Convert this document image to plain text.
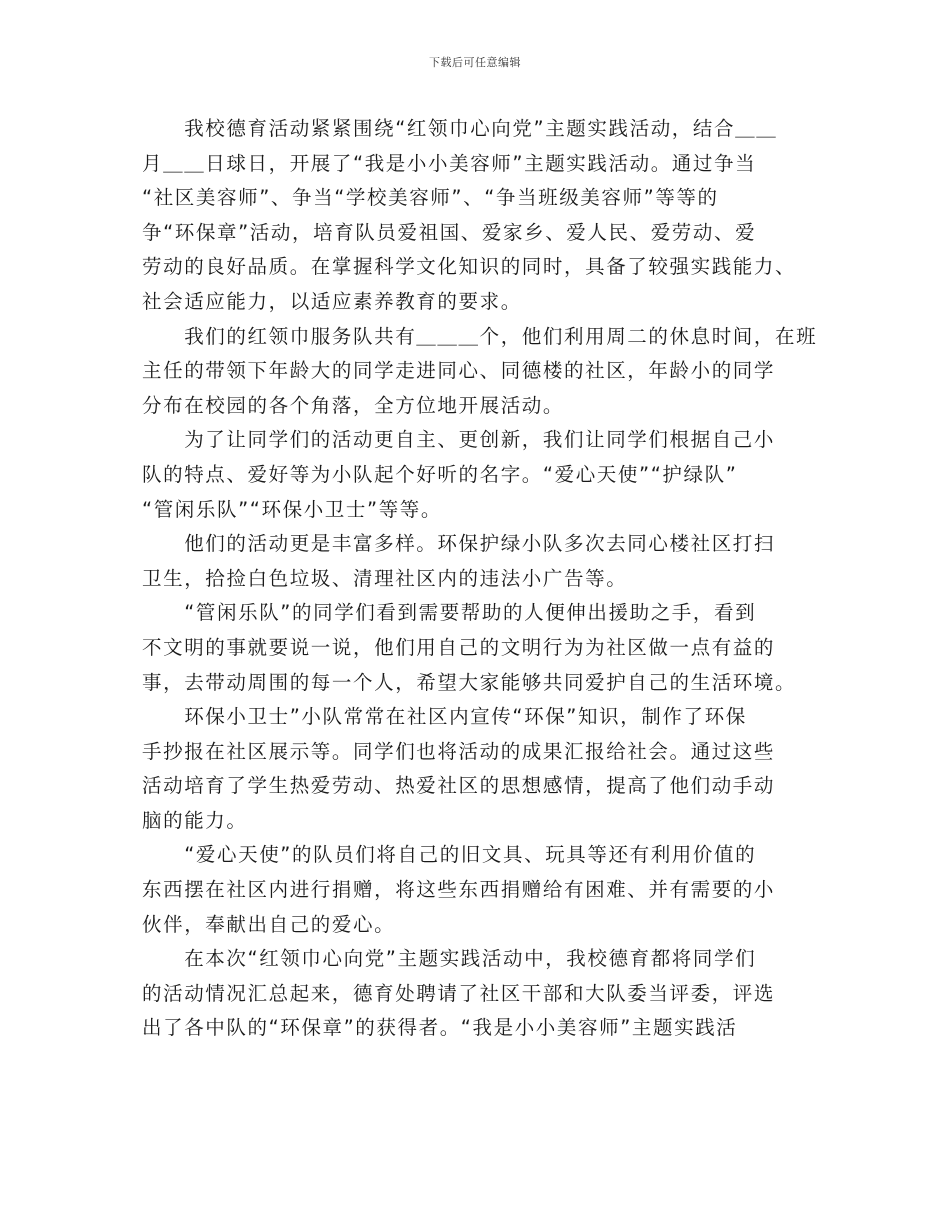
下载后可任意编辑
　　我校德育活动紧紧围绕“红领巾心向党”主题实践活动，结合＿＿
月＿＿日球日，开展了“我是小小美容师”主题实践活动。通过争当
“社区美容师”、争当“学校美容师”、“争当班级美容师”等等的
争“环保章”活动，培育队员爱祖国、爱家乡、爱人民、爱劳动、爱
劳动的良好品质。在掌握科学文化知识的同时，具备了较强实践能力、
社会适应能力，以适应素养教育的要求。
　　我们的红领巾服务队共有＿＿＿个，他们利用周二的休息时间，在班
主任的带领下年龄大的同学走进同心、同德楼的社区，年龄小的同学
分布在校园的各个角落，全方位地开展活动。
　　为了让同学们的活动更自主、更创新，我们让同学们根据自己小
队的特点、爱好等为小队起个好听的名字。“爱心天使”“护绿队”
“管闲乐队”“环保小卫士”等等。
　　他们的活动更是丰富多样。环保护绿小队多次去同心楼社区打扫
卫生，拾捡白色垃圾、清理社区内的违法小广告等。
　　“管闲乐队”的同学们看到需要帮助的人便伸出援助之手，看到
不文明的事就要说一说，他们用自己的文明行为为社区做一点有益的
事，去带动周围的每一个人，希望大家能够共同爱护自己的生活环境。
　　环保小卫士”小队常常在社区内宣传“环保”知识，制作了环保
手抄报在社区展示等。同学们也将活动的成果汇报给社会。通过这些
活动培育了学生热爱劳动、热爱社区的思想感情，提高了他们动手动
脑的能力。
　　“爱心天使”的队员们将自己的旧文具、玩具等还有利用价值的
东西摆在社区内进行捐赠，将这些东西捐赠给有困难、并有需要的小
伙伴，奉献出自己的爱心。
　　在本次“红领巾心向党”主题实践活动中，我校德育都将同学们
的活动情况汇总起来，德育处聘请了社区干部和大队委当评委，评选
出了各中队的“环保章”的获得者。“我是小小美容师”主题实践活
